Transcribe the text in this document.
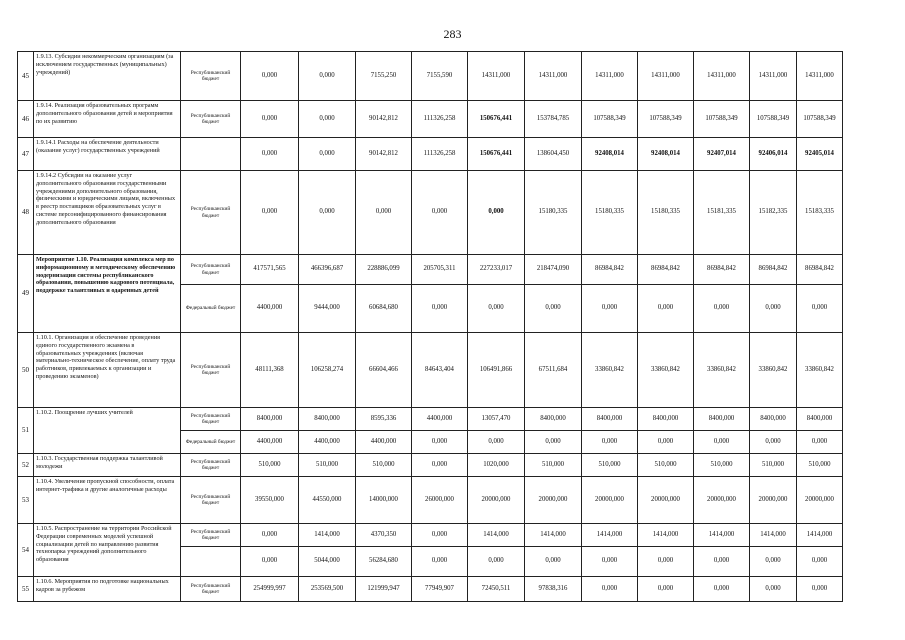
283
45	1.9.13. Субсидии некоммерческим организациям (за исключением государственных (муниципальных) учреждений)	Республиканский бюджет	0,000	0,000	7155,250	7155,590	14311,000	14311,000	14311,000	14311,000	14311,000	14311,000	14311,000
46	1.9.14. Реализация образовательных программ дополнительного образования детей и мероприятия по их развитию	Республиканский бюджет	0,000	0,000	90142,812	111326,258	150676,441	153784,785	107588,349	107588,349	107588,349	107588,349	107588,349
47	1.9.14.1 Расходы на обеспечение деятельности (оказание услуг) государственных учреждений		0,000	0,000	90142,812	111326,258	150676,441	138604,450	92408,014	92408,014	92407,014	92406,014	92405,014
48	1.9.14.2 Субсидии на оказание услуг дополнительного образования государственными учреждениями дополнительного образования, физическими и юридическими лицами, включенных в реестр поставщиков образовательных услуг в системе персонифицированного финансирования дополнительного образования	Республиканский бюджет	0,000	0,000	0,000	0,000	0,000	15180,335	15180,335	15180,335	15181,335	15182,335	15183,335
49	Мероприятие 1.10. Реализация комплекса мер по информационному и методическому обеспечению модернизации системы республиканского образования, повышению кадрового потенциала, поддержке талантливых и одаренных детей	Республиканский бюджет	417571,565	466396,687	228886,099	205705,311	227233,017	218474,090	86984,842	86984,842	86984,842	86984,842	86984,842
		Федеральный бюджет	4400,000	9444,000	60684,680	0,000	0,000	0,000	0,000	0,000	0,000	0,000	0,000
50	1.10.1. Организация и обеспечение проведения единого государственного экзамена в образовательных учреждениях (включая материально-техническое обеспечение, оплату труда работников, привлекаемых к организации и проведению экзаменов)	Республиканский бюджет	48111,368	106258,274	66604,466	84643,404	106491,866	67511,684	33860,842	33860,842	33860,842	33860,842	33860,842
51	1.10.2. Поощрение лучших учителей	Республиканский бюджет	8400,000	8400,000	8595,336	4400,000	13057,470	8400,000	8400,000	8400,000	8400,000	8400,000	8400,000
		Федеральный бюджет	4400,000	4400,000	4400,000	0,000	0,000	0,000	0,000	0,000	0,000	0,000	0,000
52	1.10.3. Государственная поддержка талантливой молодежи	Республиканский бюджет	510,000	510,000	510,000	0,000	1020,000	510,000	510,000	510,000	510,000	510,000	510,000
53	1.10.4. Увеличение пропускной способности, оплата интернет-трафика и другие аналогичные расходы	Республиканский бюджет	39550,000	44550,000	14000,000	26000,000	20000,000	20000,000	20000,000	20000,000	20000,000	20000,000	20000,000
54	1.10.5. Распространение на территории Российской Федерации современных моделей успешной социализации детей по направлению развития технопарка учреждений дополнительного образования	Республиканский бюджет	0,000	1414,000	4370,350	0,000	1414,000	1414,000	1414,000	1414,000	1414,000	1414,000	1414,000
			0,000	5044,000	56284,680	0,000	0,000	0,000	0,000	0,000	0,000	0,000	0,000
55	1.10.6. Мероприятия по подготовке национальных кадров за рубежом	Республиканский бюджет	254999,997	253569,500	121999,947	77949,907	72450,511	97838,316	0,000	0,000	0,000	0,000	0,000
